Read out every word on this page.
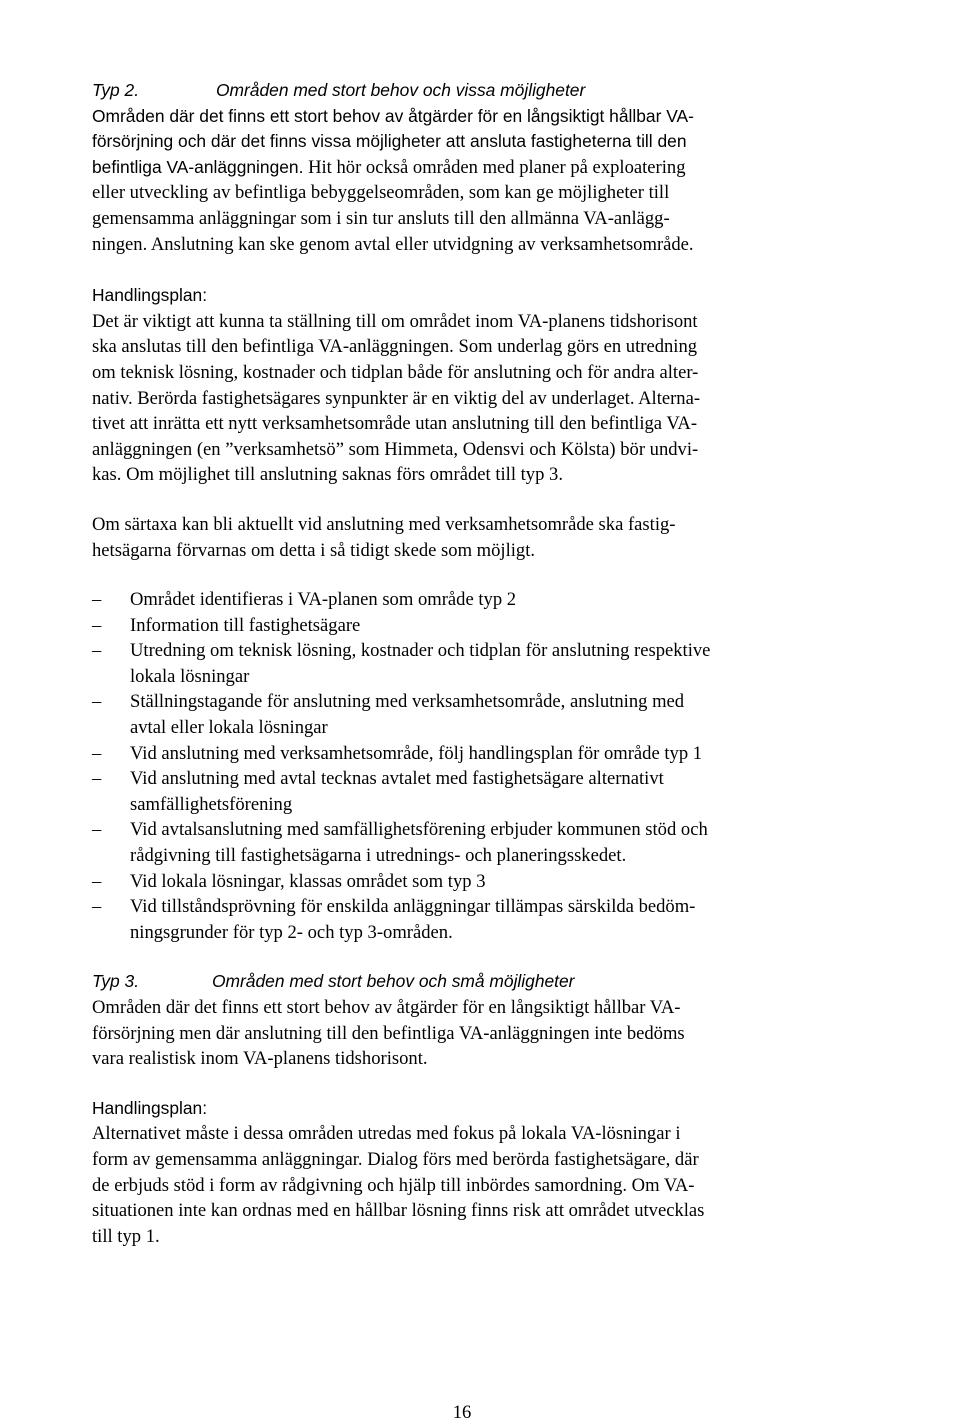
Typ 2.	Områden med stort behov och vissa möjligheter

Områden där det finns ett stort behov av åtgärder för en långsiktigt hållbar VA-
försörjning och där det finns vissa möjligheter att ansluta fastigheterna till den
befintliga VA-anläggningen. Hit hör också områden med planer på exploatering
eller utveckling av befintliga bebyggelseområden, som kan ge möjligheter till
gemensamma anläggningar som i sin tur ansluts till den allmänna VA-anlägg-
ningen. Anslutning kan ske genom avtal eller utvidgning av verksamhetsområde.

Handlingsplan:

Det är viktigt att kunna ta ställning till om området inom VA-planens tidshorisont
ska anslutas till den befintliga VA-anläggningen. Som underlag görs en utredning
om teknisk lösning, kostnader och tidplan både för anslutning och för andra alter-
nativ. Berörda fastighetsägares synpunkter är en viktig del av underlaget. Alterna-
tivet att inrätta ett nytt verksamhetsområde utan anslutning till den befintliga VA-
anläggningen (en ”verksamhetsö” som Himmeta, Odensvi och Kölsta) bör undvi-
kas. Om möjlighet till anslutning saknas förs området till typ 3.

Om särtaxa kan bli aktuellt vid anslutning med verksamhetsområde ska fastig-
hetsägarna förvarnas om detta i så tidigt skede som möjligt.

– Området identifieras i VA-planen som område typ 2
– Information till fastighetsägare
– Utredning om teknisk lösning, kostnader och tidplan för anslutning respektive
lokala lösningar
– Ställningstagande för anslutning med verksamhetsområde, anslutning med
avtal eller lokala lösningar
– Vid anslutning med verksamhetsområde, följ handlingsplan för område typ 1
– Vid anslutning med avtal tecknas avtalet med fastighetsägare alternativt
samfällighetsförening
– Vid avtalsanslutning med samfällighetsförening erbjuder kommunen stöd och
rådgivning till fastighetsägarna i utrednings- och planeringsskedet.
– Vid lokala lösningar, klassas området som typ 3
– Vid tillståndsprövning för enskilda anläggningar tillämpas särskilda bedöm-
ningsgrunder för typ 2- och typ 3-områden.
Typ 3.	Områden med stort behov och små möjligheter

Områden där det finns ett stort behov av åtgärder för en långsiktigt hållbar VA-
försörjning men där anslutning till den befintliga VA-anläggningen inte bedöms
vara realistisk inom VA-planens tidshorisont.

Handlingsplan:

Alternativet måste i dessa områden utredas med fokus på lokala VA-lösningar i
form av gemensamma anläggningar. Dialog förs med berörda fastighetsägare, där
de erbjuds stöd i form av rådgivning och hjälp till inbördes samordning. Om VA-
situationen inte kan ordnas med en hållbar lösning finns risk att området utvecklas
till typ 1.

16
